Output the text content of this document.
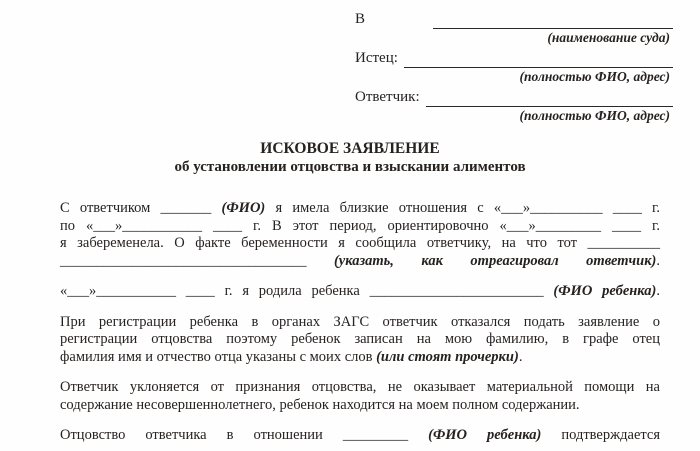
В
(наименование суда)
Истец:
(полностью ФИО, адрес)
Ответчик:
(полностью ФИО, адрес)
ИСКОВОЕ ЗАЯВЛЕНИЕ
об установлении отцовства и взыскании алиментов
С ответчиком _______ (ФИО) я имела близкие отношения с «___»__________ ____ г.
по «___»___________ ____ г. В этот период, ориентировочно «___»_________ ____ г.
я забеременела. О факте беременности я сообщила ответчику, на что тот __________
__________________________________ (указать, как отреагировал ответчик).
«___»___________ ____ г. я родила ребенка ________________________ (ФИО ребенка).
При регистрации ребенка в органах ЗАГС ответчик отказался подать заявление о
регистрации отцовства поэтому ребенок записан на мою фамилию, в графе отец
фамилия имя и отчество отца указаны с моих слов (или стоят прочерки).
Ответчик уклоняется от признания отцовства, не оказывает материальной помощи на
содержание несовершеннолетнего, ребенок находится на моем полном содержании.
Отцовство ответчика в отношении _________ (ФИО ребенка) подтверждается
